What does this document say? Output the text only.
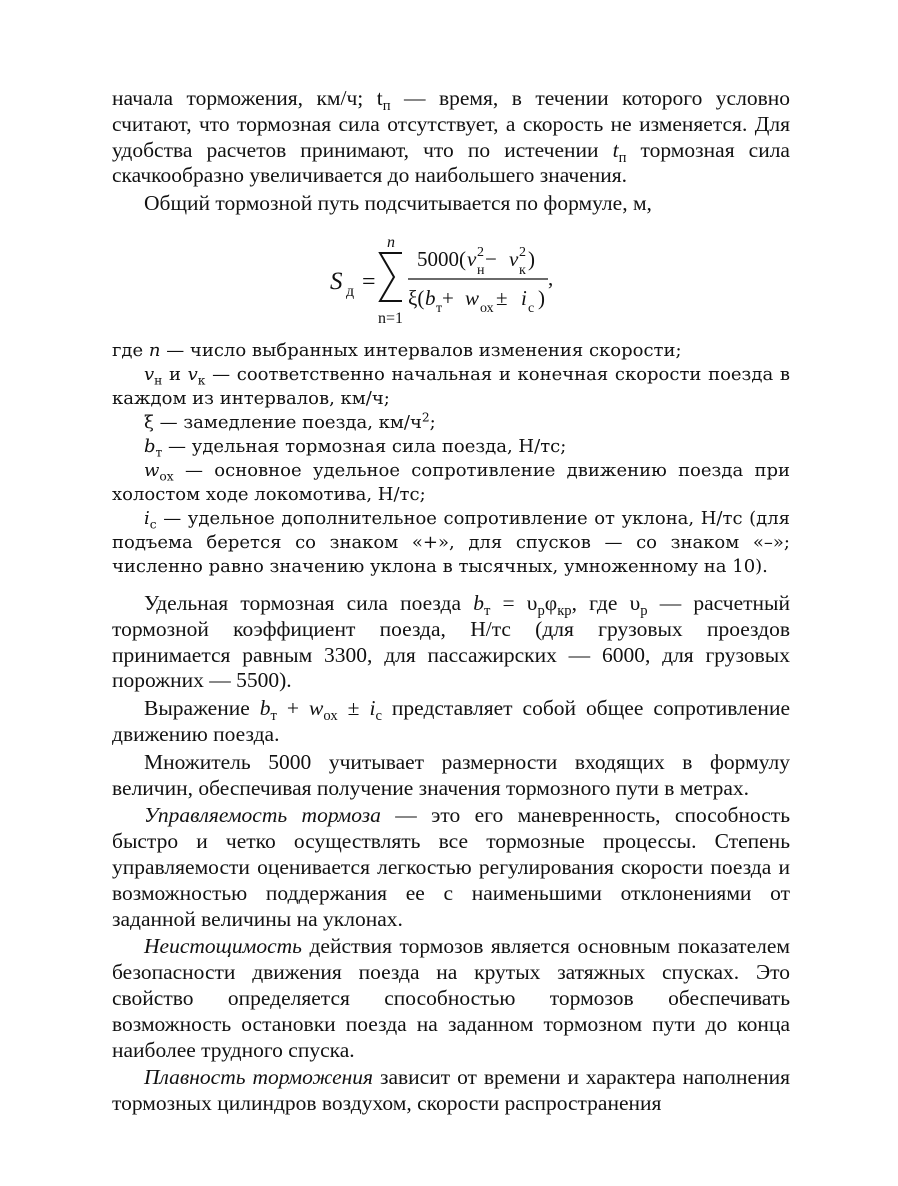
начала торможения, км/ч; $t_п$ — время, в течении которого условно считают, что тормозная сила отсутствует, а скорость не изменяется. Для удобства расчетов принимают, что по истечении $t_п$ тормозная сила скачкообразно увеличивается до наибольшего значения.

Общий тормозной путь подсчитывается по формуле, м,

S д =
n
n=1
5000( v 2
н − v 2
к )
ξ( b т + w ох ± i с )
,

где n — число выбранных интервалов изменения скорости;

$v_н$ и $v_к$ — соответственно начальная и конечная скорости поезда в каждом из интервалов, км/ч;

ξ — замедление поезда, $км/ч^2$;

$b_т$ — удельная тормозная сила поезда, Н/тс;

$w_{ох}$ — основное удельное сопротивление движению поезда при холостом ходе локомотива, Н/тс;

$i_с$ — удельное дополнительное сопротивление от уклона, Н/тс (для подъема берется со знаком «+», для спусков — со знаком «–»; численно равно значению уклона в тысячных, умноженному на 10).

Удельная тормозная сила поезда $b_т = \upsilon_р\varphi_{кр}$, где $\upsilon_р$ — расчетный тормозной коэффициент поезда, Н/тс (для грузовых проездов принимается равным 3300, для пассажирских — 6000, для грузовых порожних — 5500).

Выражение $b_т + w_{ох} \pm i_с$ представляет собой общее сопротивление движению поезда.

Множитель 5000 учитывает размерности входящих в формулу величин, обеспечивая получение значения тормозного пути в метрах.

Управляемость тормоза — это его маневренность, способность быстро и четко осуществлять все тормозные процессы. Степень управляемости оценивается легкостью регулирования скорости поезда и возможностью поддержания ее с наименьшими отклонениями от заданной величины на уклонах.

Неистощимость действия тормозов является основным показателем безопасности движения поезда на крутых затяжных спусках. Это свойство определяется способностью тормозов обеспечивать возможность остановки поезда на заданном тормозном пути до конца наиболее трудного спуска.

Плавность торможения зависит от времени и характера наполнения тормозных цилиндров воздухом, скорости распространения
